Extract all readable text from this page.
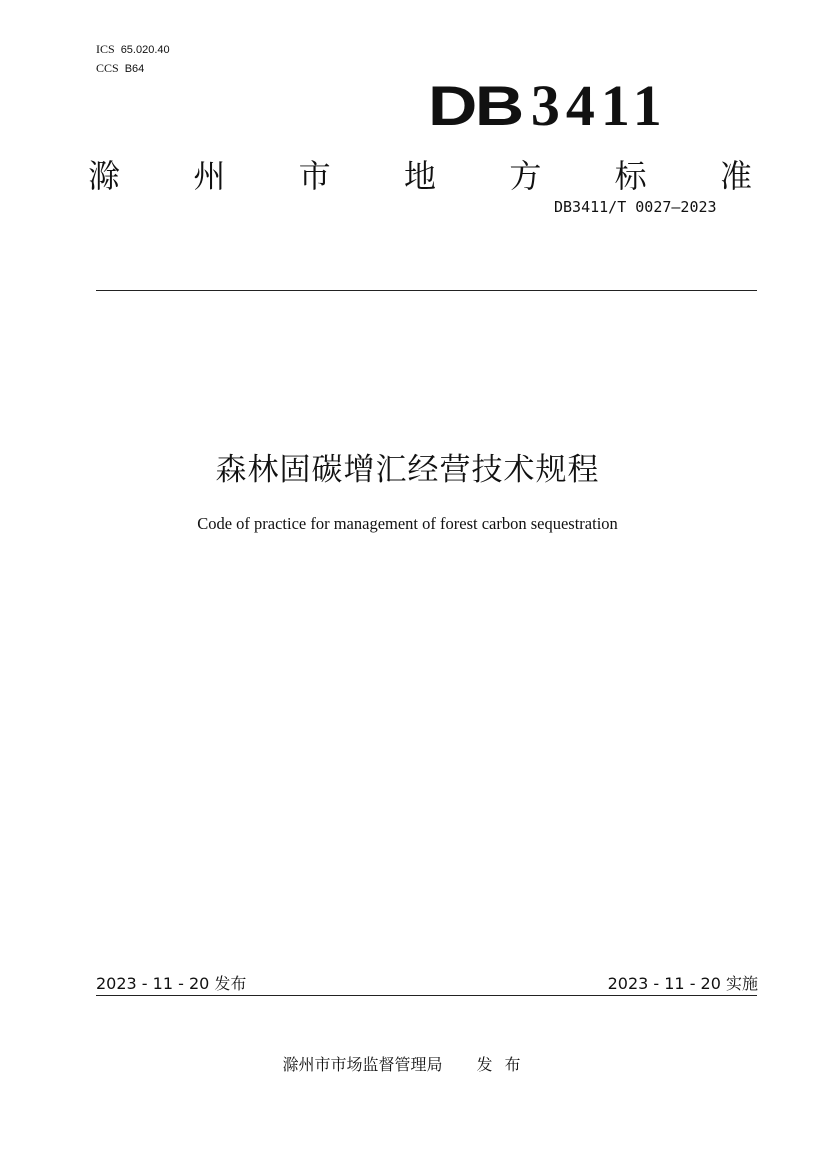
ICS 65.020.40
CCS B64
DB 3411
滁 州 市 地 方 标 准
DB3411/T 0027—2023
森林固碳增汇经营技术规程
Code of practice for management of forest carbon sequestration
2023 - 11 - 20 发布	2023 - 11 - 20 实施
滁州市市场监督管理局 发布
